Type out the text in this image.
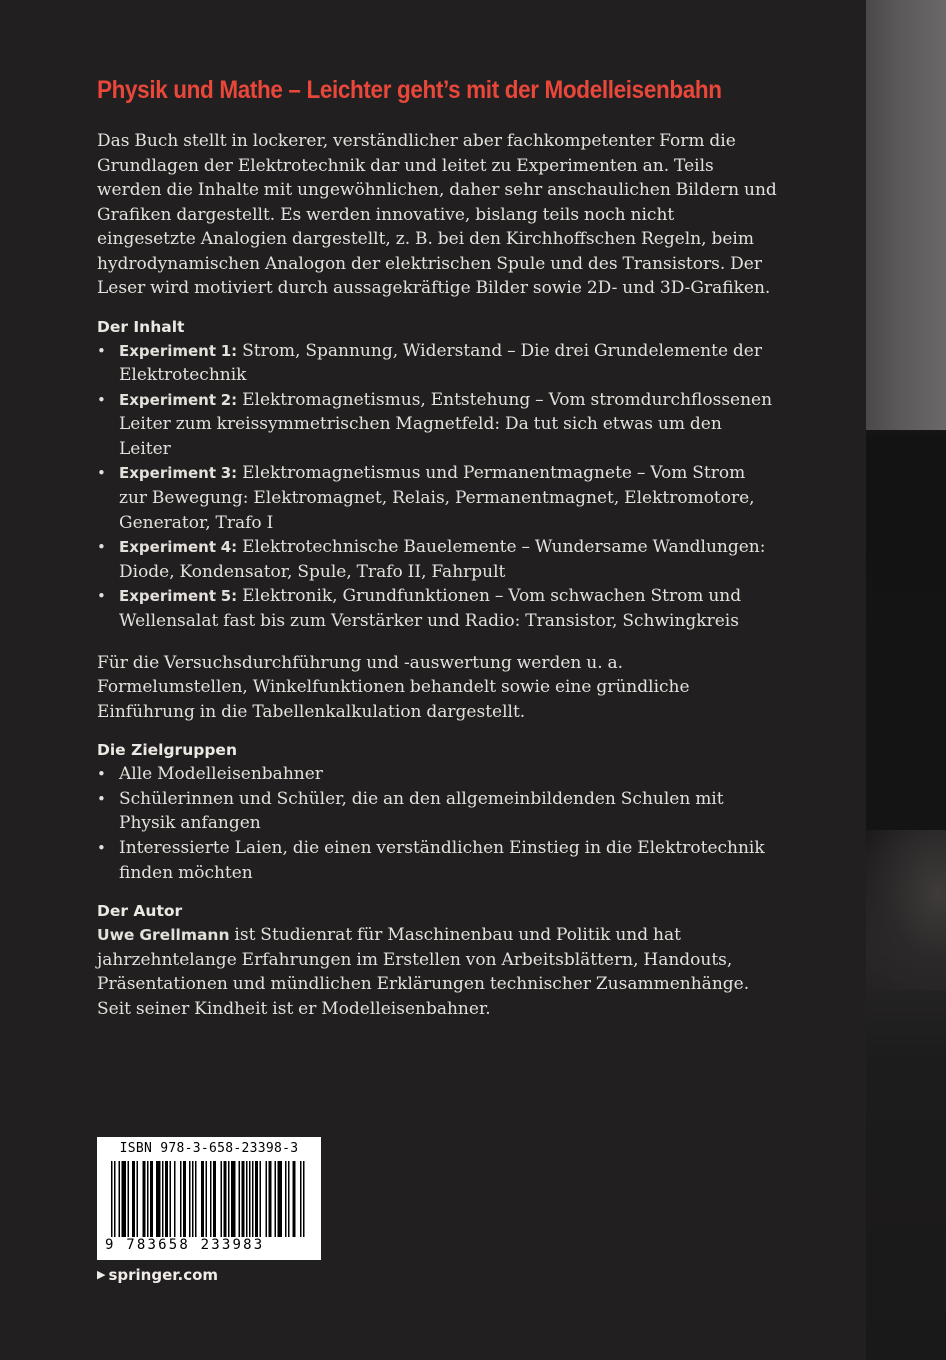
Physik und Mathe – Leichter geht’s mit der Modelleisenbahn

Das Buch stellt in lockerer, verständlicher aber fachkompetenter Form die Grundlagen der Elektrotechnik dar und leitet zu Experimenten an. Teils werden die Inhalte mit ungewöhnlichen, daher sehr anschaulichen Bildern und Grafiken dargestellt. Es werden innovative, bislang teils noch nicht eingesetzte Analogien dargestellt, z. B. bei den Kirchhoffschen Regeln, beim hydrodynamischen Analogon der elektrischen Spule und des Transistors. Der Leser wird motiviert durch aussagekräftige Bilder sowie 2D- und 3D-Grafiken.

Der Inhalt
• Experiment 1: Strom, Spannung, Widerstand – Die drei Grundelemente der Elektrotechnik
• Experiment 2: Elektromagnetismus, Entstehung – Vom stromdurchflossenen Leiter zum kreissymmetrischen Magnetfeld: Da tut sich etwas um den Leiter
• Experiment 3: Elektromagnetismus und Permanentmagnete – Vom Strom zur Bewegung: Elektromagnet, Relais, Permanentmagnet, Elektromotore, Generator, Trafo I
• Experiment 4: Elektrotechnische Bauelemente – Wundersame Wandlungen: Diode, Kondensator, Spule, Trafo II, Fahrpult
• Experiment 5: Elektronik, Grundfunktionen – Vom schwachen Strom und Wellensalat fast bis zum Verstärker und Radio: Transistor, Schwingkreis

Für die Versuchsdurchführung und -auswertung werden u. a. Formelumstellen, Winkelfunktionen behandelt sowie eine gründliche Einführung in die Tabellenkalkulation dargestellt.

Die Zielgruppen
• Alle Modelleisenbahner
• Schülerinnen und Schüler, die an den allgemeinbildenden Schulen mit Physik anfangen
• Interessierte Laien, die einen verständlichen Einstieg in die Elektrotechnik finden möchten
Der Autor

Uwe Grellmann ist Studienrat für Maschinenbau und Politik und hat jahrzehntelange Erfahrungen im Erstellen von Arbeitsblättern, Handouts, Präsentationen und mündlichen Erklärungen technischer Zusammenhänge. Seit seiner Kindheit ist er Modelleisenbahner.

ISBN 978-3-658-23398-3
9 783658 233983
▶ springer.com
